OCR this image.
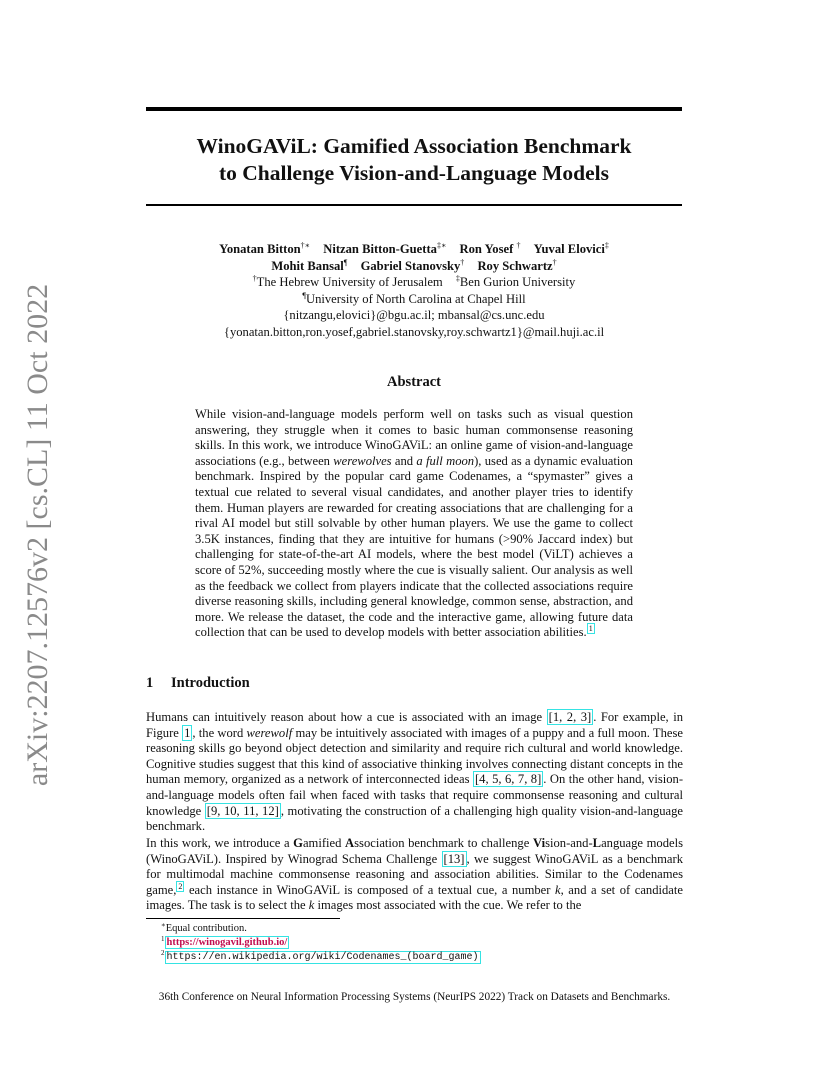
arXiv:2207.12576v2 [cs.CL] 11 Oct 2022
WinoGAViL: Gamified Association Benchmark
to Challenge Vision-and-Language Models
Yonatan Bitton†∗ Nitzan Bitton-Guetta‡∗ Ron Yosef † Yuval Elovici‡
Mohit Bansal¶ Gabriel Stanovsky† Roy Schwartz†
†The Hebrew University of Jerusalem ‡Ben Gurion University
¶University of North Carolina at Chapel Hill
{nitzangu,elovici}@bgu.ac.il; mbansal@cs.unc.edu
{yonatan.bitton,ron.yosef,gabriel.stanovsky,roy.schwartz1}@mail.huji.ac.il
Abstract
While vision-and-language models perform well on tasks such as visual question answering, they struggle when it comes to basic human commonsense reasoning skills. In this work, we introduce WinoGAViL: an online game of vision-and-language associations (e.g., between werewolves and a full moon), used as a dynamic evaluation benchmark. Inspired by the popular card game Codenames, a “spymaster” gives a textual cue related to several visual candidates, and another player tries to identify them. Human players are rewarded for creating associations that are challenging for a rival AI model but still solvable by other human players. We use the game to collect 3.5K instances, finding that they are intuitive for humans (>90% Jaccard index) but challenging for state-of-the-art AI models, where the best model (ViLT) achieves a score of 52%, succeeding mostly where the cue is visually salient. Our analysis as well as the feedback we collect from players indicate that the collected associations require diverse reasoning skills, including general knowledge, common sense, abstraction, and more. We release the dataset, the code and the interactive game, allowing future data collection that can be used to develop models with better association abilities. $^1$
1 Introduction
Humans can intuitively reason about how a cue is associated with an image [1, 2, 3] . For example, in Figure 1 , the word werewolf may be intuitively associated with images of a puppy and a full moon. These reasoning skills go beyond object detection and similarity and require rich cultural and world knowledge. Cognitive studies suggest that this kind of associative thinking involves connecting distant concepts in the human memory, organized as a network of interconnected ideas [4, 5, 6, 7, 8] . On the other hand, vision-and-language models often fail when faced with tasks that require commonsense reasoning and cultural knowledge [9, 10, 11, 12] , motivating the construction of a challenging high quality vision-and-language benchmark.
In this work, we introduce a Gamified Association benchmark to challenge Vision-and-Language models (WinoGAViL). Inspired by Winograd Schema Challenge [13] , we suggest WinoGAViL as a benchmark for multimodal machine commonsense reasoning and association abilities. Similar to the Codenames game, $^2$ each instance in WinoGAViL is composed of a textual cue, a number k, and a set of candidate images. The task is to select the k images most associated with the cue. We refer to the
∗Equal contribution.
$^1$ https://winogavil.github.io/
$^2$ https://en.wikipedia.org/wiki/Codenames_(board_game)
36th Conference on Neural Information Processing Systems (NeurIPS 2022) Track on Datasets and Benchmarks.
